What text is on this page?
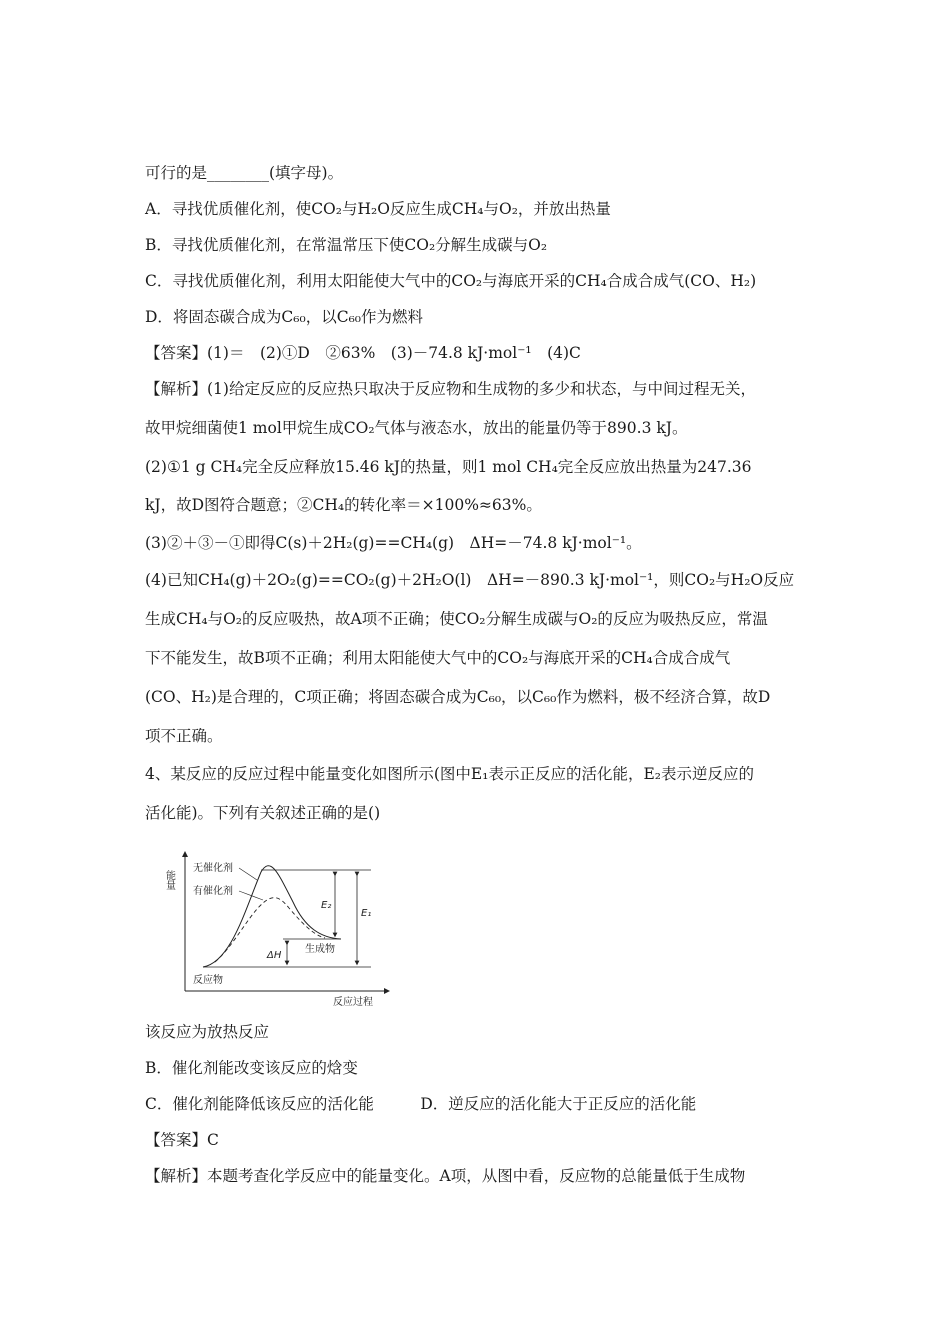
可行的是________(填字母)。
A．寻找优质催化剂，使CO₂与H₂O反应生成CH₄与O₂，并放出热量
B．寻找优质催化剂，在常温常压下使CO₂分解生成碳与O₂
C．寻找优质催化剂，利用太阳能使大气中的CO₂与海底开采的CH₄合成合成气(CO、H₂)
D．将固态碳合成为C₆₀，以C₆₀作为燃料
【答案】(1)＝　(2)①D　②63%　(3)－74.8 kJ·mol⁻¹　(4)C
【解析】(1)给定反应的反应热只取决于反应物和生成物的多少和状态，与中间过程无关，
故甲烷细菌使1 mol甲烷生成CO₂气体与液态水，放出的能量仍等于890.3 kJ。
(2)①1 g CH₄完全反应释放15.46 kJ的热量，则1 mol CH₄完全反应放出热量为247.36
kJ，故D图符合题意；②CH₄的转化率＝×100%≈63%。
(3)②＋③－①即得C(s)＋2H₂(g)==CH₄(g)　ΔH=－74.8 kJ·mol⁻¹。
(4)已知CH₄(g)＋2O₂(g)==CO₂(g)＋2H₂O(l)　ΔH=－890.3 kJ·mol⁻¹，则CO₂与H₂O反应
生成CH₄与O₂的反应吸热，故A项不正确；使CO₂分解生成碳与O₂的反应为吸热反应，常温
下不能发生，故B项不正确；利用太阳能使大气中的CO₂与海底开采的CH₄合成合成气
(CO、H₂)是合理的，C项正确；将固态碳合成为C₆₀，以C₆₀作为燃料，极不经济合算，故D
项不正确。
4、某反应的反应过程中能量变化如图所示(图中E₁表示正反应的活化能，E₂表示逆反应的
活化能)。下列有关叙述正确的是()
能量
反应过程
无催化剂
有催化剂
反应物
生成物
E₂
E₁
ΔH
该反应为放热反应
B．催化剂能改变该反应的焓变
C．催化剂能降低该反应的活化能　　　D．逆反应的活化能大于正反应的活化能
【答案】C
【解析】本题考查化学反应中的能量变化。A项，从图中看，反应物的总能量低于生成物
